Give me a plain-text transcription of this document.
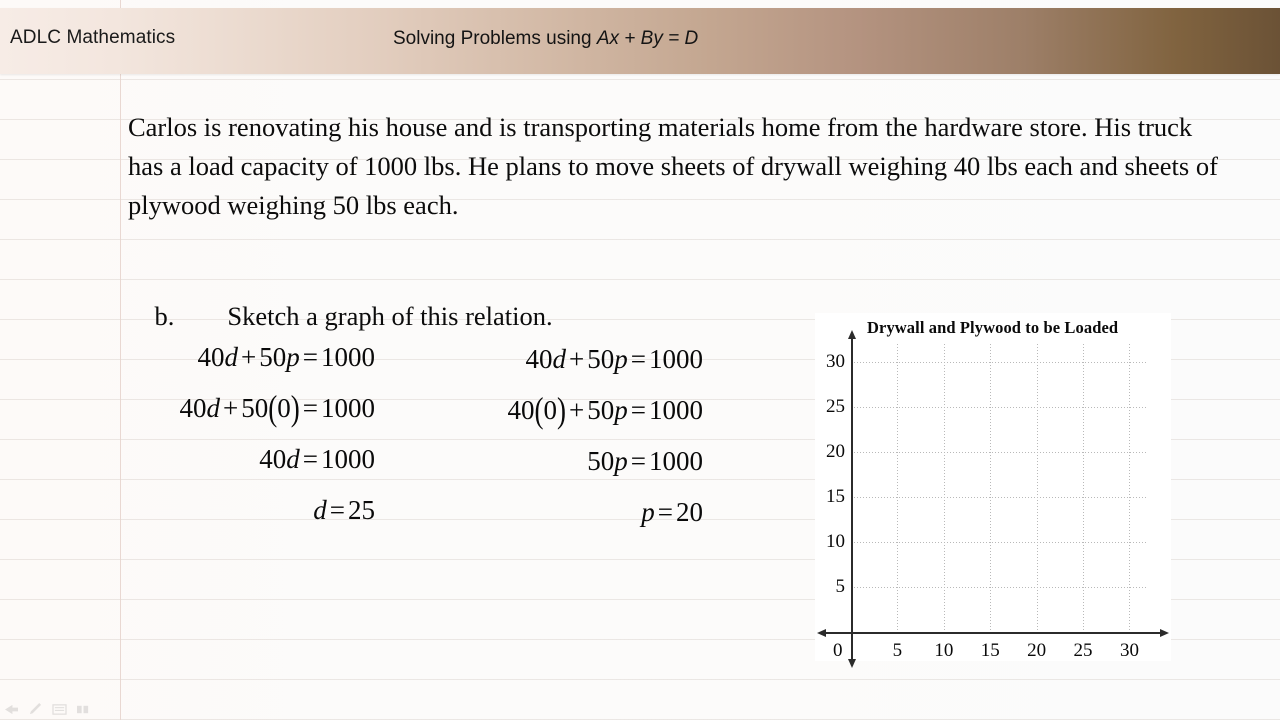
ADLC Mathematics	Solving Problems using Ax + By = D
Carlos is renovating his house and is transporting materials home from the hardware store. His truck has a load capacity of 1000 lbs. He plans to move sheets of drywall weighing 40 lbs each and sheets of plywood weighing 50 lbs each.

b. Sketch a graph of this relation.

40d + 50p = 1000
40d + 50(0) = 1000
40d = 1000
d = 25
40d + 50p = 1000
40(0) + 50p = 1000
50p = 1000
p = 20
Drywall and Plywood to be Loaded
0
5
10
15
20
25
30
5 10 15 20 25 30
